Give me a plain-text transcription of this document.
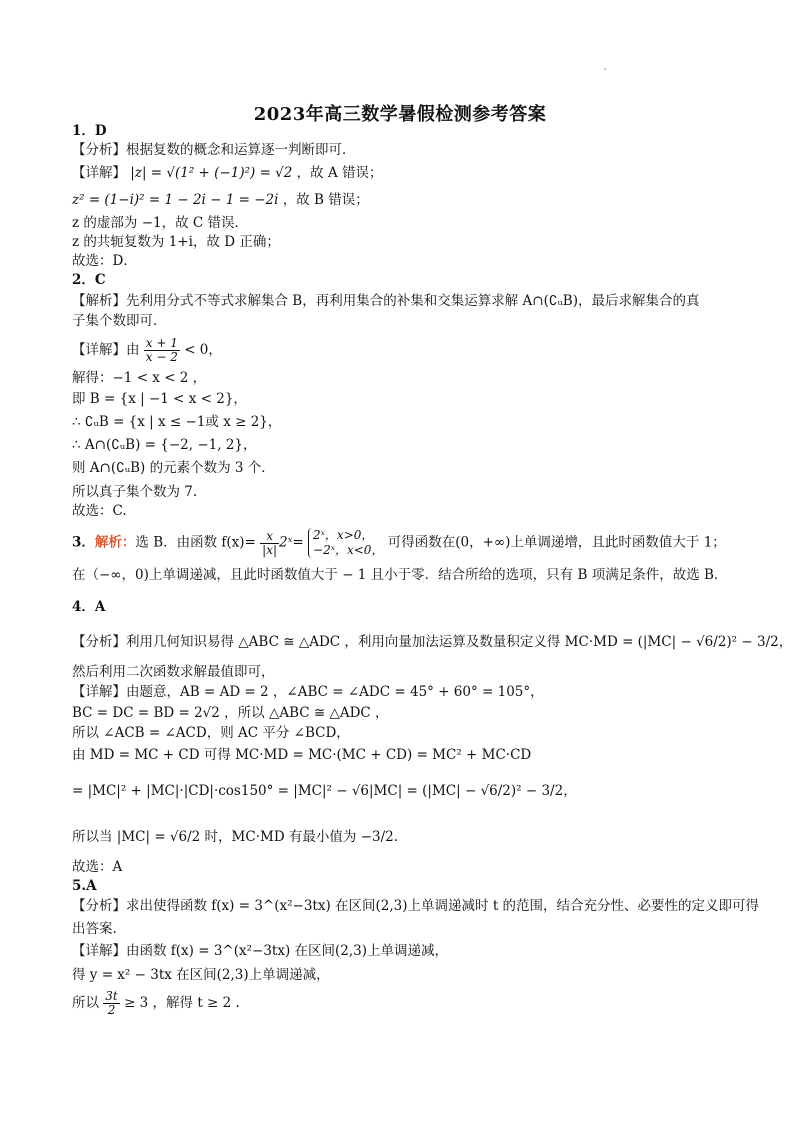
2023年高三数学暑假检测参考答案
1．D
【分析】根据复数的概念和运算逐一判断即可．
【详解】 |z| = √(1² + (−1)²) = √2 ，故 A 错误；
z² = (1−i)² = 1 − 2i − 1 = −2i ，故 B 错误；
z 的虚部为 −1，故 C 错误．
z 的共轭复数为 1+i，故 D 正确；
故选：D．
2．C
【解析】先利用分式不等式求解集合 B，再利用集合的补集和交集运算求解 A∩(∁ᵤB)，最后求解集合的真
子集个数即可．
【详解】由 $\frac{x + 1}{x - 2} < 0$，
解得：−1 < x < 2 ，
即 B = {x | −1 < x < 2}，
∴ ∁ᵤB = {x | x ≤ −1或 x ≥ 2}，
∴ A∩(∁ᵤB) = {−2, −1, 2}，
则 A∩(∁ᵤB) 的元素个数为 3 个．
所以真子集个数为 7.
故选：C.
3．解析：选 B．由函数 $f(x)= \frac{x}{|x|}$ 2ˣ= 2ˣ，x>0，
−2ˣ，x<0， 可得函数在(0，+∞)上单调递增，且此时函数值大于 1；
在（−∞，0)上单调递减，且此时函数值大于 − 1 且小于零．结合所给的选项，只有 B 项满足条件，故选 B．
4．A
【分析】利用几何知识易得 △ABC ≅ △ADC ，利用向量加法运算及数量积定义得 MC·MD = (|MC| − √6/2)² − 3/2，
然后利用二次函数求解最值即可，
【详解】由题意，AB = AD = 2 ，∠ABC = ∠ADC = 45° + 60° = 105°，
BC = DC = BD = 2√2 ，所以 △ABC ≅ △ADC ，
所以 ∠ACB = ∠ACD，则 AC 平分 ∠BCD，
由 MD = MC + CD 可得 MC·MD = MC·(MC + CD) = MC² + MC·CD
= |MC|² + |MC|·|CD|·cos150° = |MC|² − √6|MC| = (|MC| − √6/2)² − 3/2，
所以当 |MC| = √6/2 时，MC·MD 有最小值为 −3/2.
故选：A
5.A
【分析】求出使得函数 f(x) = 3^(x²−3tx) 在区间(2,3)上单调递减时 t 的范围，结合充分性、必要性的定义即可得
出答案.
【详解】由函数 f(x) = 3^(x²−3tx) 在区间(2,3)上单调递减，
得 y = x² − 3tx 在区间(2,3)上单调递减，
所以 $\frac{3t}{2} \ge 3$ ，解得 t ≥ 2 .
